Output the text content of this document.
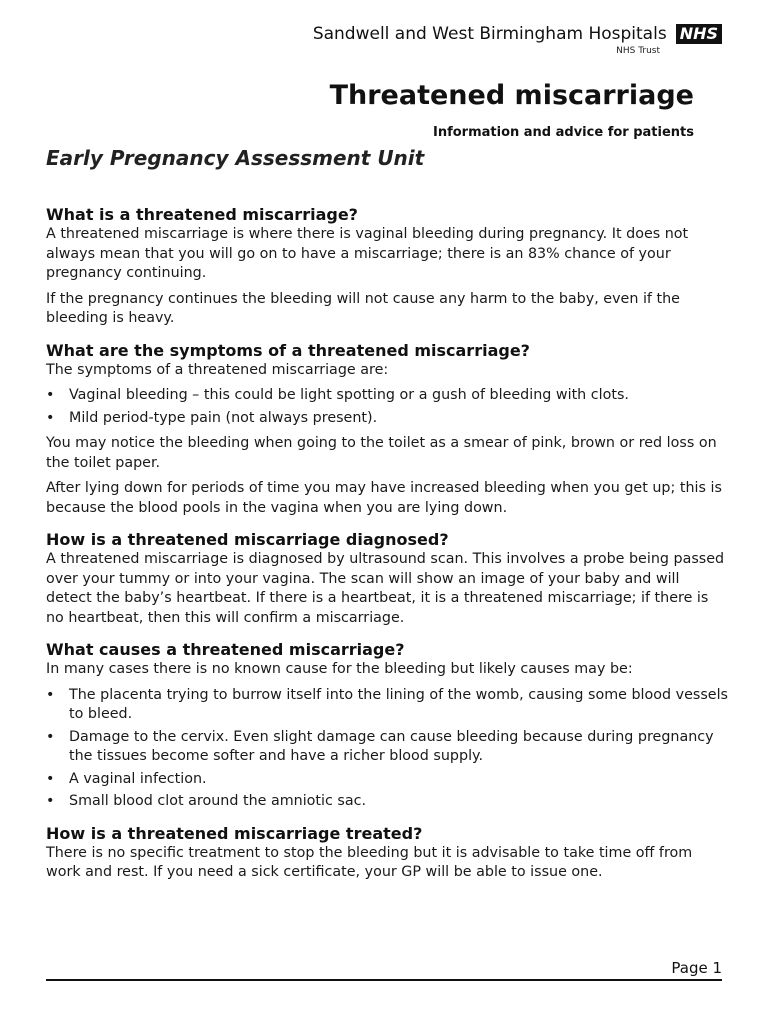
Sandwell and West Birmingham Hospitals NHS
NHS Trust
Threatened miscarriage
Information and advice for patients
Early Pregnancy Assessment Unit
What is a threatened miscarriage?

A threatened miscarriage is where there is vaginal bleeding during pregnancy. It does not always mean that you will go on to have a miscarriage; there is an 83% chance of your pregnancy continuing.

If the pregnancy continues the bleeding will not cause any harm to the baby, even if the bleeding is heavy.

What are the symptoms of a threatened miscarriage?

The symptoms of a threatened miscarriage are:

• Vaginal bleeding – this could be light spotting or a gush of bleeding with clots.
• Mild period-type pain (not always present).

You may notice the bleeding when going to the toilet as a smear of pink, brown or red loss on the toilet paper.

After lying down for periods of time you may have increased bleeding when you get up; this is because the blood pools in the vagina when you are lying down.

How is a threatened miscarriage diagnosed?

A threatened miscarriage is diagnosed by ultrasound scan. This involves a probe being passed over your tummy or into your vagina. The scan will show an image of your baby and will detect the baby’s heartbeat. If there is a heartbeat, it is a threatened miscarriage; if there is no heartbeat, then this will confirm a miscarriage.

What causes a threatened miscarriage?

In many cases there is no known cause for the bleeding but likely causes may be:

• The placenta trying to burrow itself into the lining of the womb, causing some blood vessels to bleed.
• Damage to the cervix. Even slight damage can cause bleeding because during pregnancy the tissues become softer and have a richer blood supply.
• A vaginal infection.
• Small blood clot around the amniotic sac.
How is a threatened miscarriage treated?

There is no specific treatment to stop the bleeding but it is advisable to take time off from work and rest. If you need a sick certificate, your GP will be able to issue one.

Page 1
